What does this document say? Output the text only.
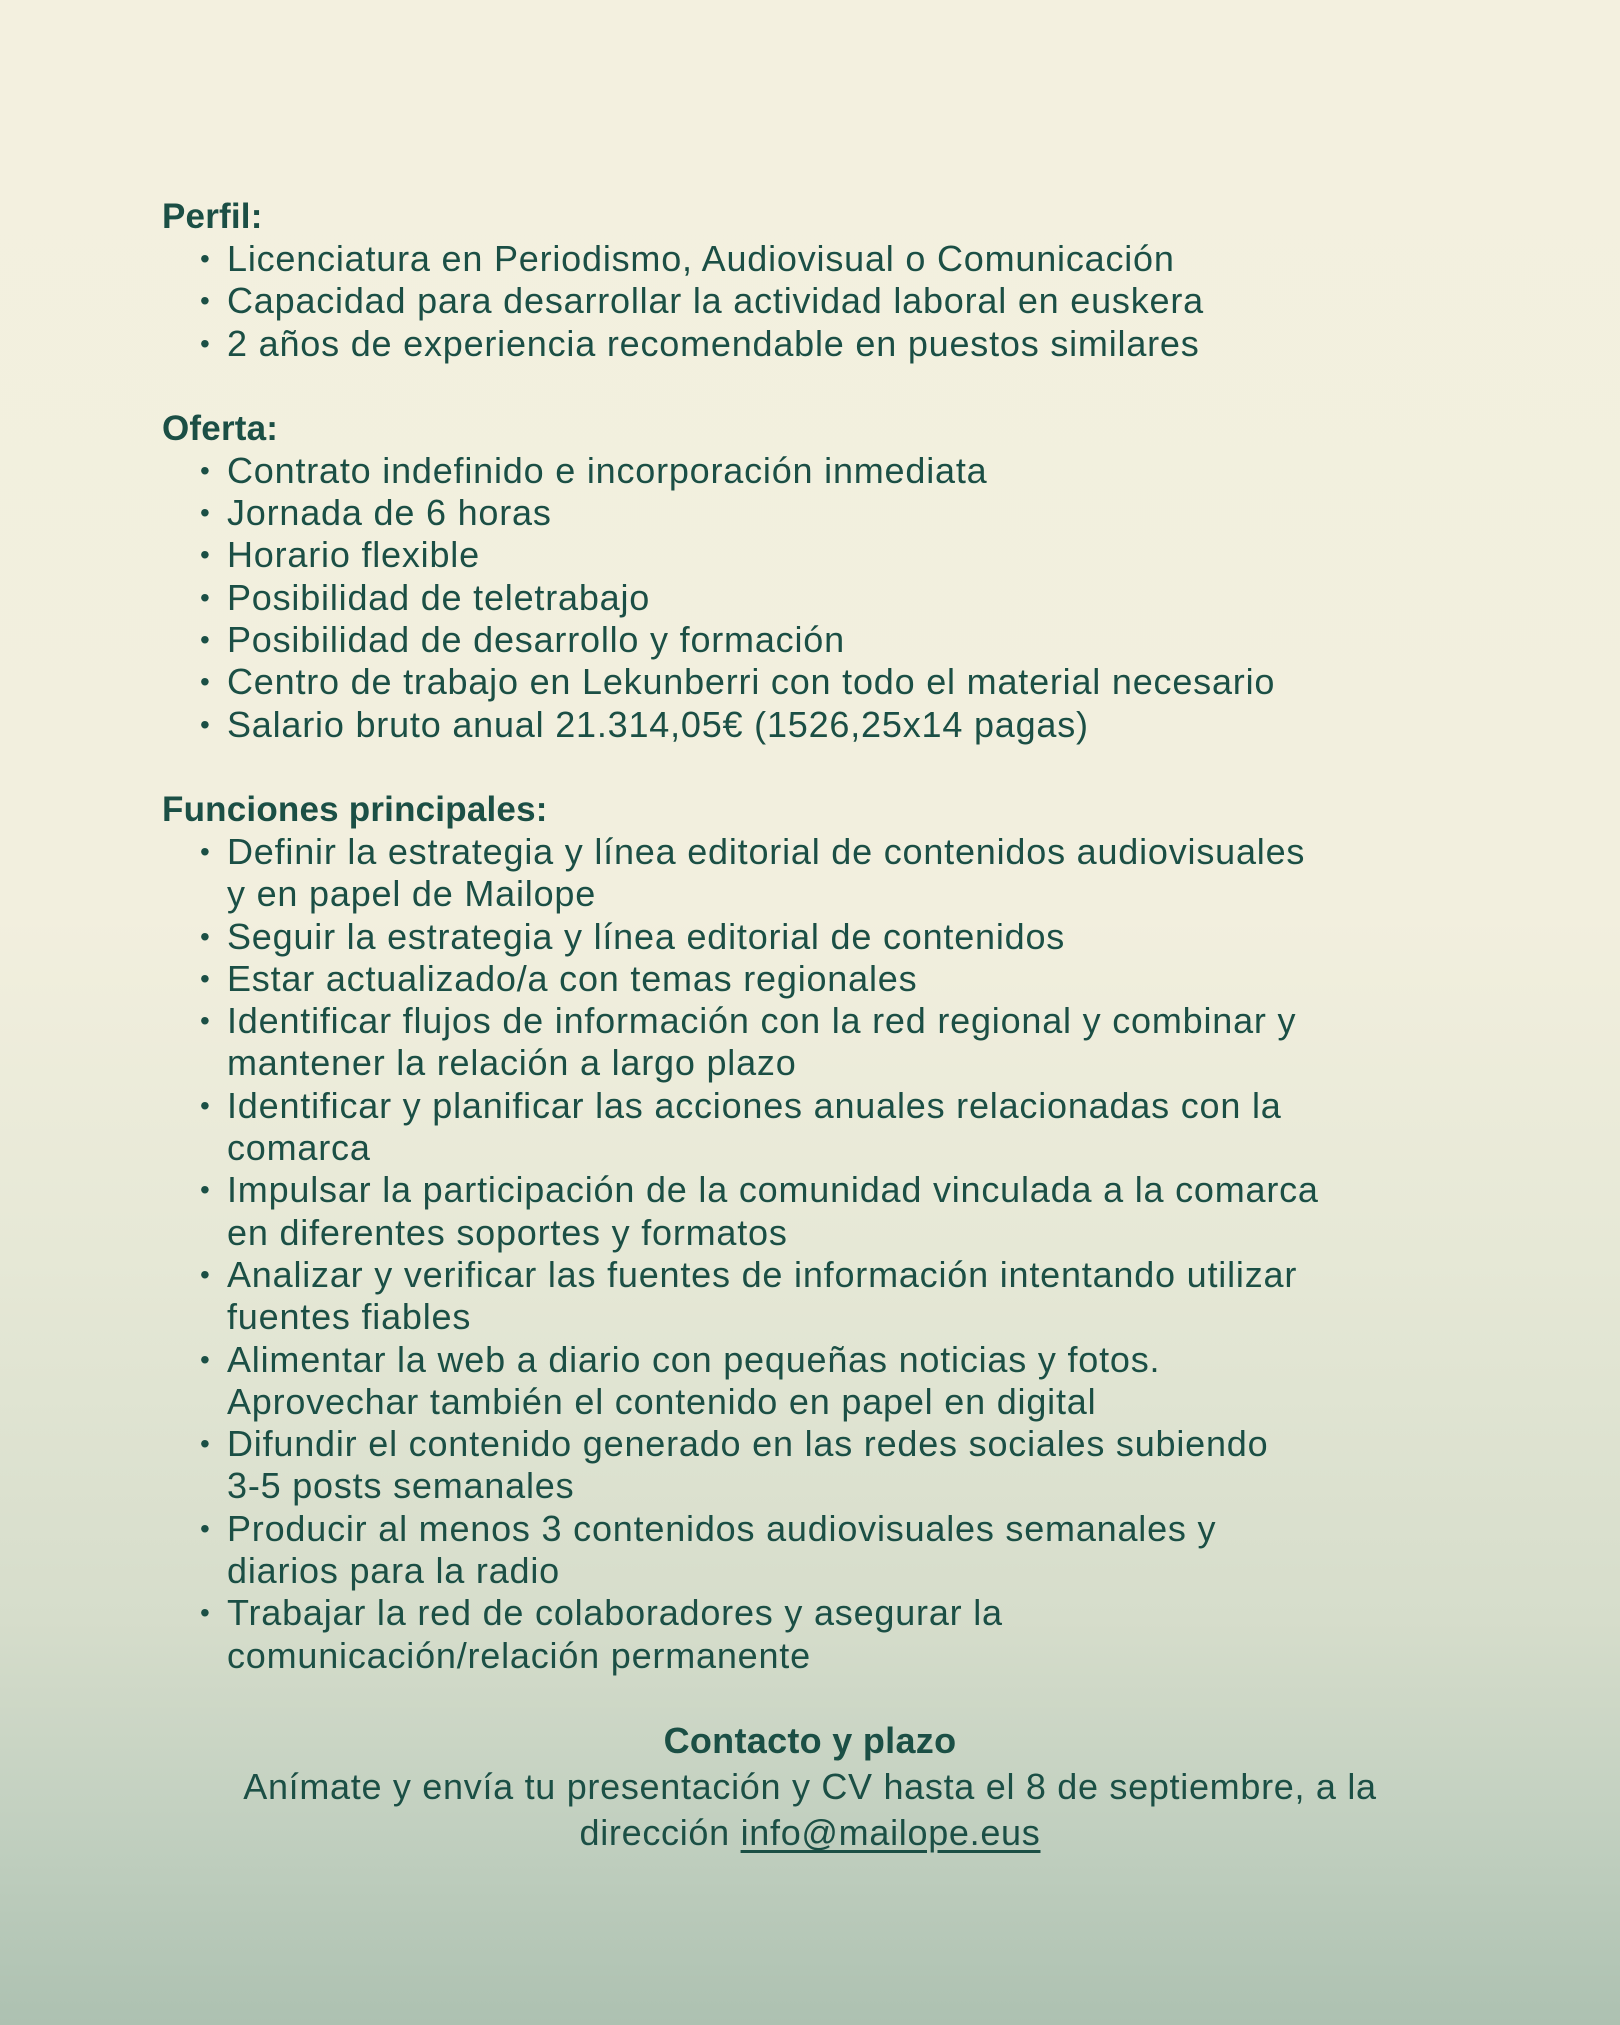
Perfil:
• Licenciatura en Periodismo, Audiovisual o Comunicación
• Capacidad para desarrollar la actividad laboral en euskera
• 2 años de experiencia recomendable en puestos similares
Oferta:
• Contrato indefinido e incorporación inmediata
• Jornada de 6 horas
• Horario flexible
• Posibilidad de teletrabajo
• Posibilidad de desarrollo y formación
• Centro de trabajo en Lekunberri con todo el material necesario
• Salario bruto anual 21.314,05€ (1526,25x14 pagas)
Funciones principales:
• Definir la estrategia y línea editorial de contenidos audiovisuales
y en papel de Mailope
• Seguir la estrategia y línea editorial de contenidos
• Estar actualizado/a con temas regionales
• Identificar flujos de información con la red regional y combinar y
mantener la relación a largo plazo
• Identificar y planificar las acciones anuales relacionadas con la
comarca
• Impulsar la participación de la comunidad vinculada a la comarca
en diferentes soportes y formatos
• Analizar y verificar las fuentes de información intentando utilizar
fuentes fiables
• Alimentar la web a diario con pequeñas noticias y fotos.
Aprovechar también el contenido en papel en digital
• Difundir el contenido generado en las redes sociales subiendo
3-5 posts semanales
• Producir al menos 3 contenidos audiovisuales semanales y
diarios para la radio
• Trabajar la red de colaboradores y asegurar la
comunicación/relación permanente
Contacto y plazo
Anímate y envía tu presentación y CV hasta el 8 de septiembre, a la
dirección info@mailope.eus
